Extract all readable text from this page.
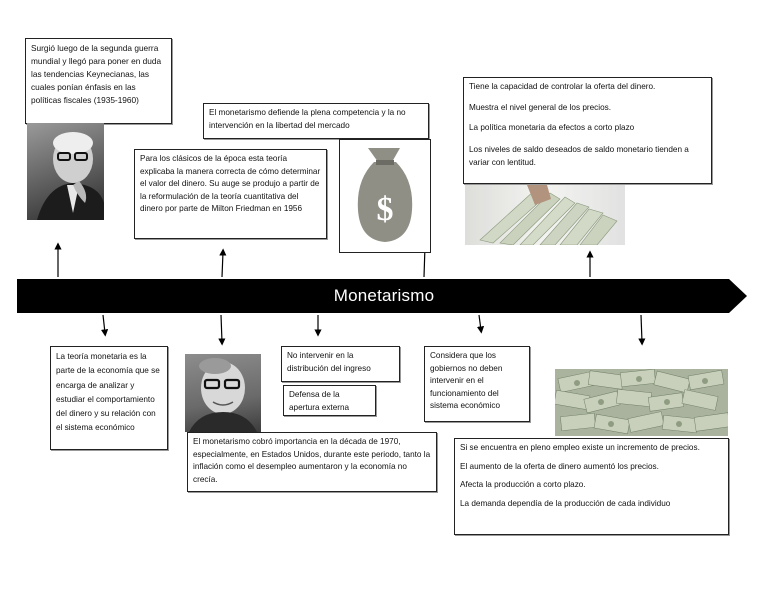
Monetarismo
Surgió luego de la segunda guerra mundial y llegó para poner en duda las tendencias Keynecianas, las cuales ponían énfasis en las políticas fiscales (1935-1960)
El monetarismo defiende la plena competencia y la no intervención en la libertad del mercado
Para los clásicos de la época esta teoría explicaba la manera correcta de cómo determinar el valor del dinero. Su auge se produjo a partir de la reformulación de la teoría cuantitativa del dinero por parte de Milton Friedman en 1956	$

Tiene la capacidad de controlar la oferta del dinero.

Muestra el nivel general de los precios.

La política monetaria da efectos a corto plazo

Los niveles de saldo deseados de saldo monetario tienden a variar con lentitud.

La teoría monetaria es la parte de la economía que se encarga de analizar y estudiar el comportamiento del dinero y su relación con el sistema económico
No intervenir en la distribución del ingreso
Defensa de la apertura externa
Considera que los gobiernos no deben intervenir en el funcionamiento del sistema económico
El monetarismo cobró importancia en la década de 1970, especialmente, en Estados Unidos, durante este periodo, tanto la inflación como el desempleo aumentaron y la economía no crecía.

Si se encuentra en pleno empleo existe un incremento de precios.

El aumento de la oferta de dinero aumentó los precios.

Afecta la producción a corto plazo.

La demanda dependía de la producción de cada individuo
